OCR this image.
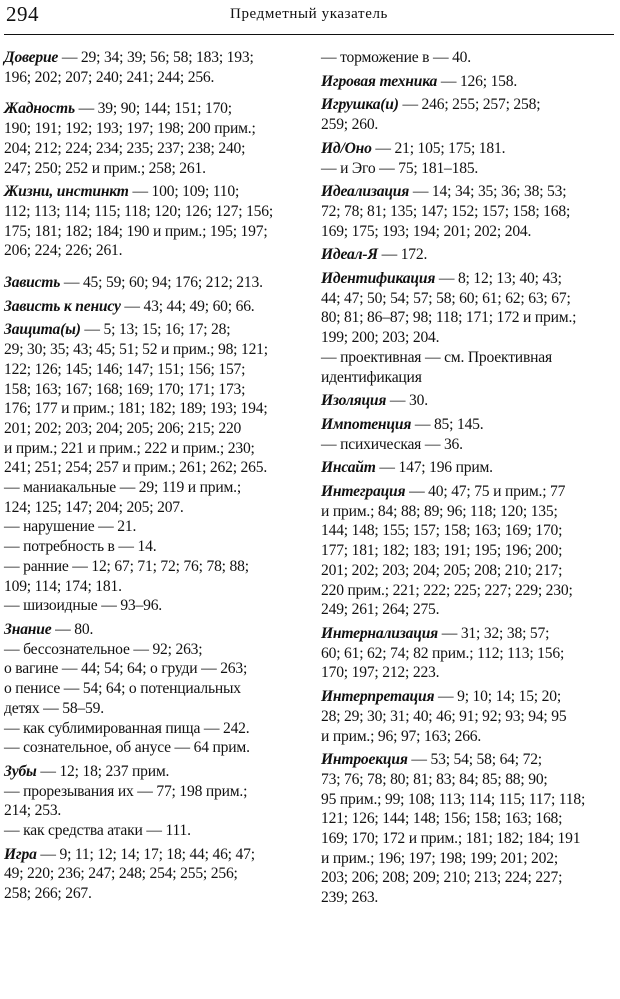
294	Предметный указатель
Доверие — 29; 34; 39; 56; 58; 183; 193;
196; 202; 207; 240; 241; 244; 256.
Жадность — 39; 90; 144; 151; 170;
190; 191; 192; 193; 197; 198; 200 прим.;
204; 212; 224; 234; 235; 237; 238; 240;
247; 250; 252 и прим.; 258; 261.
Жизни, инстинкт — 100; 109; 110;
112; 113; 114; 115; 118; 120; 126; 127; 156;
175; 181; 182; 184; 190 и прим.; 195; 197;
206; 224; 226; 261.
Зависть — 45; 59; 60; 94; 176; 212; 213.
Зависть к пенису — 43; 44; 49; 60; 66.
Защита(ы) — 5; 13; 15; 16; 17; 28;
29; 30; 35; 43; 45; 51; 52 и прим.; 98; 121;
122; 126; 145; 146; 147; 151; 156; 157;
158; 163; 167; 168; 169; 170; 171; 173;
176; 177 и прим.; 181; 182; 189; 193; 194;
201; 202; 203; 204; 205; 206; 215; 220
и прим.; 221 и прим.; 222 и прим.; 230;
241; 251; 254; 257 и прим.; 261; 262; 265.
— маниакальные — 29; 119 и прим.;
124; 125; 147; 204; 205; 207.
— нарушение — 21.
— потребность в — 14.
— ранние — 12; 67; 71; 72; 76; 78; 88;
109; 114; 174; 181.
— шизоидные — 93–96.
Знание — 80.
— бессознательное — 92; 263;
о вагине — 44; 54; 64; о груди — 263;
о пенисе — 54; 64; о потенциальных
детях — 58–59.
— как сублимированная пища — 242.
— сознательное, об анусе — 64 прим.
Зубы — 12; 18; 237 прим.
— прорезывания их — 77; 198 прим.;
214; 253.
— как средства атаки — 111.
Игра — 9; 11; 12; 14; 17; 18; 44; 46; 47;
49; 220; 236; 247; 248; 254; 255; 256;
258; 266; 267.
— торможение в — 40.
Игровая техника — 126; 158.
Игрушка(и) — 246; 255; 257; 258;
259; 260.
Ид/Оно — 21; 105; 175; 181.
— и Эго — 75; 181–185.
Идеализация — 14; 34; 35; 36; 38; 53;
72; 78; 81; 135; 147; 152; 157; 158; 168;
169; 175; 193; 194; 201; 202; 204.
Идеал-Я — 172.
Идентификация — 8; 12; 13; 40; 43;
44; 47; 50; 54; 57; 58; 60; 61; 62; 63; 67;
80; 81; 86–87; 98; 118; 171; 172 и прим.;
199; 200; 203; 204.
— проективная — см. Проективная
идентификация
Изоляция — 30.
Импотенция — 85; 145.
— психическая — 36.
Инсайт — 147; 196 прим.
Интеграция — 40; 47; 75 и прим.; 77
и прим.; 84; 88; 89; 96; 118; 120; 135;
144; 148; 155; 157; 158; 163; 169; 170;
177; 181; 182; 183; 191; 195; 196; 200;
201; 202; 203; 204; 205; 208; 210; 217;
220 прим.; 221; 222; 225; 227; 229; 230;
249; 261; 264; 275.
Интернализация — 31; 32; 38; 57;
60; 61; 62; 74; 82 прим.; 112; 113; 156;
170; 197; 212; 223.
Интерпретация — 9; 10; 14; 15; 20;
28; 29; 30; 31; 40; 46; 91; 92; 93; 94; 95
и прим.; 96; 97; 163; 266.
Интроекция — 53; 54; 58; 64; 72;
73; 76; 78; 80; 81; 83; 84; 85; 88; 90;
95 прим.; 99; 108; 113; 114; 115; 117; 118;
121; 126; 144; 148; 156; 158; 163; 168;
169; 170; 172 и прим.; 181; 182; 184; 191
и прим.; 196; 197; 198; 199; 201; 202;
203; 206; 208; 209; 210; 213; 224; 227;
239; 263.
